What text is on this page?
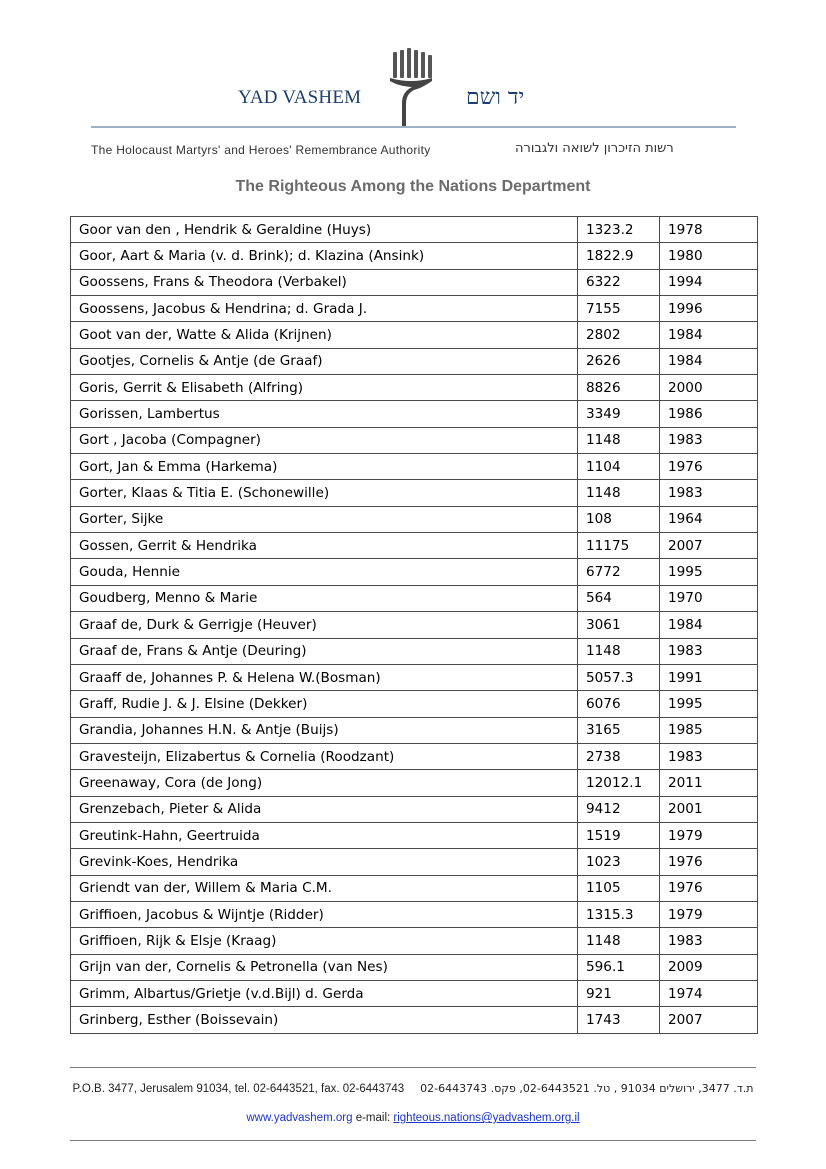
YAD VASHEM	יד ושם
The Holocaust Martyrs' and Heroes' Remembrance Authority	רשות הזיכרון לשואה ולגבורה
The Righteous Among the Nations Department
Goor van den , Hendrik & Geraldine (Huys)	1323.2	1978
Goor, Aart & Maria (v. d. Brink); d. Klazina (Ansink)	1822.9	1980
Goossens, Frans & Theodora (Verbakel)	6322	1994
Goossens, Jacobus & Hendrina; d. Grada J.	7155	1996
Goot van der, Watte & Alida (Krijnen)	2802	1984
Gootjes, Cornelis & Antje (de Graaf)	2626	1984
Goris, Gerrit & Elisabeth (Alfring)	8826	2000
Gorissen, Lambertus	3349	1986
Gort , Jacoba (Compagner)	1148	1983
Gort, Jan & Emma (Harkema)	1104	1976
Gorter, Klaas & Titia E. (Schonewille)	1148	1983
Gorter, Sijke	108	1964
Gossen, Gerrit & Hendrika	11175	2007
Gouda, Hennie	6772	1995
Goudberg, Menno & Marie	564	1970
Graaf de, Durk & Gerrigje (Heuver)	3061	1984
Graaf de, Frans & Antje (Deuring)	1148	1983
Graaff de, Johannes P. & Helena W.(Bosman)	5057.3	1991
Graff, Rudie J. & J. Elsine (Dekker)	6076	1995
Grandia, Johannes H.N. & Antje (Buijs)	3165	1985
Gravesteijn, Elizabertus & Cornelia (Roodzant)	2738	1983
Greenaway, Cora (de Jong)	12012.1	2011
Grenzebach, Pieter & Alida	9412	2001
Greutink-Hahn, Geertruida	1519	1979
Grevink-Koes, Hendrika	1023	1976
Griendt van der, Willem & Maria C.M.	1105	1976
Griffioen, Jacobus & Wijntje (Ridder)	1315.3	1979
Griffioen, Rijk & Elsje (Kraag)	1148	1983
Grijn van der, Cornelis & Petronella (van Nes)	596.1	2009
Grimm, Albartus/Grietje (v.d.Bijl) d. Gerda	921	1974
Grinberg, Esther (Boissevain)	1743	2007
P.O.B. 3477, Jerusalem 91034, tel. 02-6443521, fax. 02-6443743 ת.ד. 3477, ירושלים 91034 , טל. 02-6443521, פקס. 02-6443743
www.yadvashem.org e-mail: righteous.nations@yadvashem.org.il
